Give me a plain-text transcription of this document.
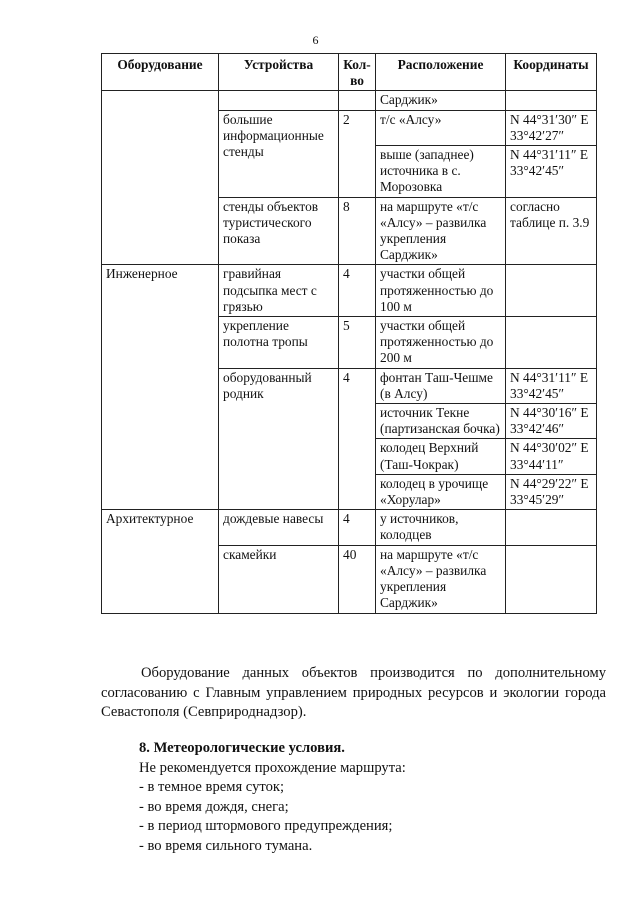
6
Оборудование	Устройства	Кол-во	Расположение	Координаты
			Сарджик»	
	большие информационные стенды	2	т/с «Алсу»	N 44°31′30″ E 33°42′27″
			выше (западнее) источника в с. Морозовка	N 44°31′11″ E 33°42′45″
	стенды объектов туристического показа	8	на маршруте «т/с «Алсу» – развилка укрепления Сарджик»	согласно таблице п. 3.9
Инженерное	гравийная подсыпка мест с грязью	4	участки общей протяженностью до 100 м	
	укрепление полотна тропы	5	участки общей протяженностью до 200 м	
	оборудованный родник	4	фонтан Таш-Чешме (в Алсу)	N 44°31′11″ E 33°42′45″
			источник Текне (партизанская бочка)	N 44°30′16″ E 33°42′46″
			колодец Верхний (Таш-Чокрак)	N 44°30′02″ E 33°44′11″
			колодец в урочище «Хорулар»	N 44°29′22″ E 33°45′29″
Архитектурное	дождевые навесы	4	у источников, колодцев	
	скамейки	40	на маршруте «т/с «Алсу» – развилка укрепления Сарджик»	
Оборудование данных объектов производится по дополнительному согласованию с Главным управлением природных ресурсов и экологии города Севастополя (Севприроднадзор).

8. Метеорологические условия.

Не рекомендуется прохождение маршрута:

- в темное время суток;

- во время дождя, снега;

- в период штормового предупреждения;

- во время сильного тумана.
